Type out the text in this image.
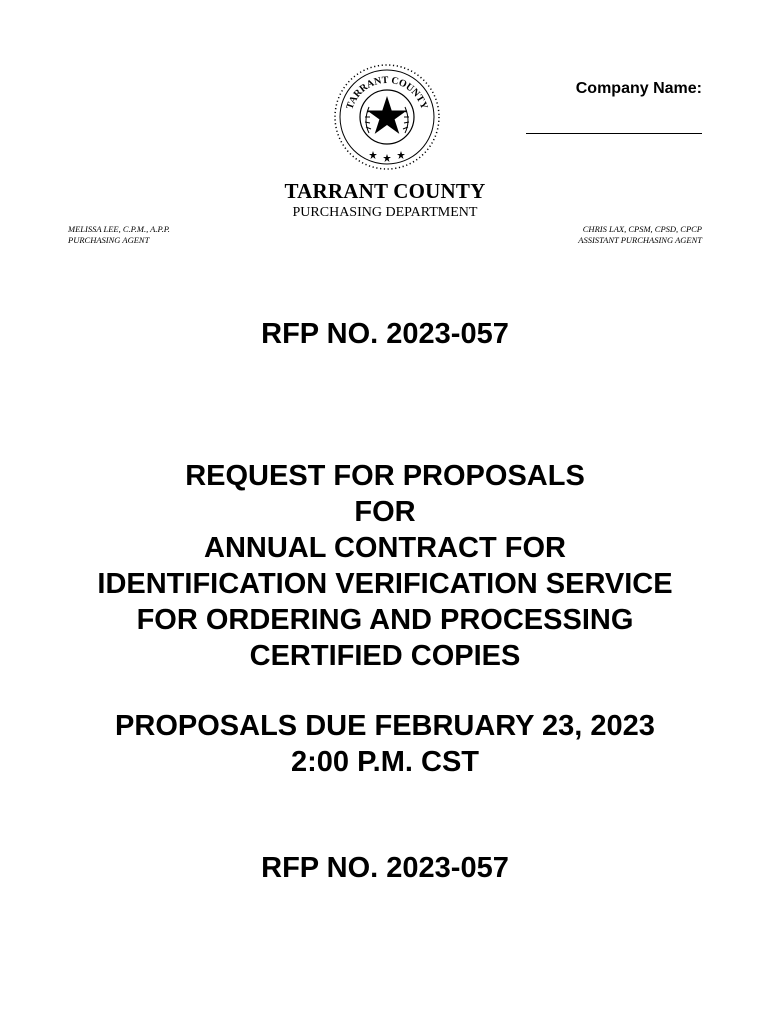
TARRANT COUNTY
Company Name:
TARRANT COUNTY
PURCHASING DEPARTMENT
MELISSA LEE, C.P.M., A.P.P.
PURCHASING AGENT
CHRIS LAX, CPSM, CPSD, CPCP
ASSISTANT PURCHASING AGENT
RFP NO. 2023-057
REQUEST FOR PROPOSALS
FOR
ANNUAL CONTRACT FOR
IDENTIFICATION VERIFICATION SERVICE
FOR ORDERING AND PROCESSING
CERTIFIED COPIES
PROPOSALS DUE FEBRUARY 23, 2023
2:00 P.M. CST
RFP NO. 2023-057
